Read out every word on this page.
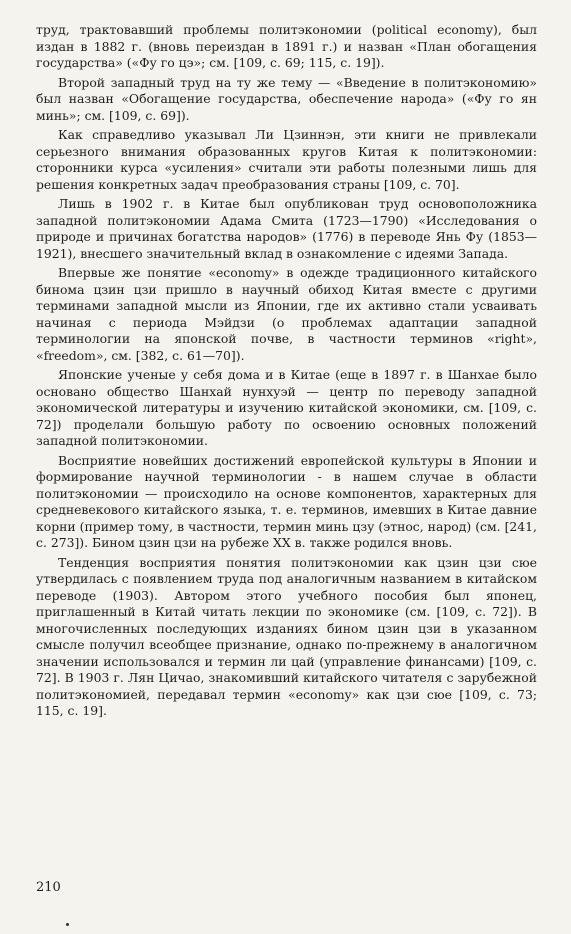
труд, трактовавший проблемы политэкономии (political economy), был издан в 1882 г. (вновь переиздан в 1891 г.) и назван «План обогащения государства» («Фу го цэ»; см. [109, с. 69; 115, с. 19]).

Второй западный труд на ту же тему — «Введение в политэкономию» был назван «Обогащение государства, обеспечение народа» («Фу го ян минь»; см. [109, с. 69]).

Как справедливо указывал Ли Цзиннэн, эти книги не привлекали серьезного внимания образованных кругов Китая к политэкономии: сторонники курса «усиления» считали эти работы полезными лишь для решения конкретных задач преобразования страны [109, с. 70].

Лишь в 1902 г. в Китае был опубликован труд основоположника западной политэкономии Адама Смита (1723—1790) «Исследования о природе и причинах богатства народов» (1776) в переводе Янь Фу (1853—1921), внесшего значительный вклад в ознакомление с идеями Запада.

Впервые же понятие «economy» в одежде традиционного китайского бинома цзин цзи пришло в научный обиход Китая вместе с другими терминами западной мысли из Японии, где их активно стали усваивать начиная с периода Мэйдзи (о проблемах адаптации западной терминологии на японской почве, в частности терминов «right», «freedom», см. [382, с. 61—70]).

Японские ученые у себя дома и в Китае (еще в 1897 г. в Шанхае было основано общество Шанхай нунхуэй — центр по переводу западной экономической литературы и изучению китайской экономики, см. [109, с. 72]) проделали большую работу по освоению основных положений западной политэкономии.

Восприятие новейших достижений европейской культуры в Японии и формирование научной терминологии - в нашем случае в области политэкономии — происходило на основе компонентов, характерных для средневекового китайского языка, т. е. терминов, имевших в Китае давние корни (пример тому, в частности, термин минь цзу (этнос, народ) (см. [241, с. 273]). Бином цзин цзи на рубеже XX в. также родился вновь.

Тенденция восприятия понятия политэкономии как цзин цзи сюе утвердилась с появлением труда под аналогичным названием в китайском переводе (1903). Автором этого учебного пособия был японец, приглашенный в Китай читать лекции по экономике (см. [109, с. 72]). В многочисленных последующих изданиях бином цзин цзи в указанном смысле получил всеобщее признание, однако по-прежнему в аналогичном значении использовался и термин ли цай (управление финансами) [109, с. 72]. В 1903 г. Лян Цичао, знакомивший китайского читателя с зарубежной политэкономией, передавал термин «economy» как цзи сюе [109, с. 73; 115, с. 19].

210
